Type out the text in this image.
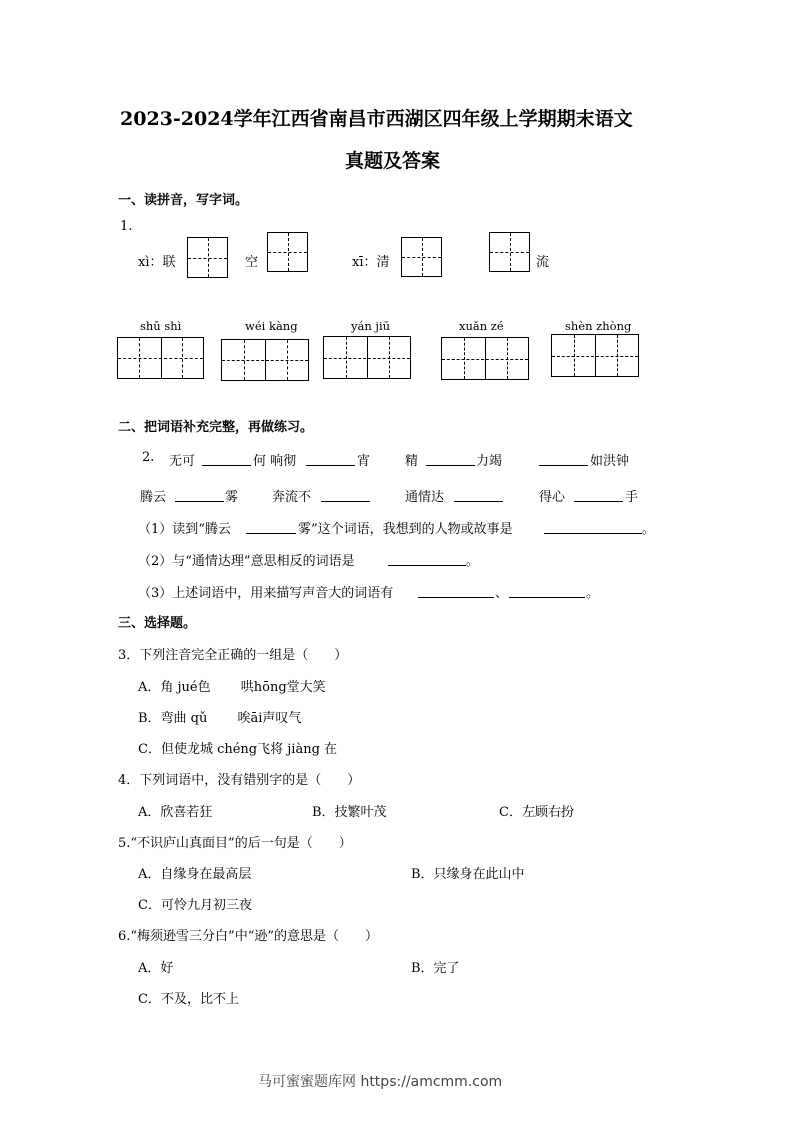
2023-2024学年江西省南昌市西湖区四年级上学期期末语文
真题及答案
一、读拼音，写字词。
1.
xì：联	空	xī：清	流
shū shì	wéi kàng	yán jiū	xuǎn zé	shèn zhòng
二、把词语补充完整，再做练习。
2. 无可	何 响彻	宵	精	力竭	如洪钟
腾云	雾	奔流不	通情达	得心	手
（1）读到“腾云	雾”这个词语，我想到的人物或故事是	。
（2）与“通情达理”意思相反的词语是	。
（3）上述词语中，用来描写声音大的词语有	、	。
三、选择题。
3．下列注音完全正确的一组是（　　）
A．角 jué色　　 哄hōng堂大笑
B．弯曲 qǔ　　 唉āi声叹气
C．但使龙城 chéng飞将 jiàng 在
4．下列词语中，没有错别字的是（　　）
A．欣喜若狂	B．技繁叶茂	C．左顾右扮
5.“不识庐山真面目”的后一句是（　　）
A．自缘身在最高层	B．只缘身在此山中
C．可怜九月初三夜
6.“梅须逊雪三分白”中“逊”的意思是（　　）
A．好	B．完了
C．不及，比不上
马可蜜蜜题库网 https://amcmm.com
